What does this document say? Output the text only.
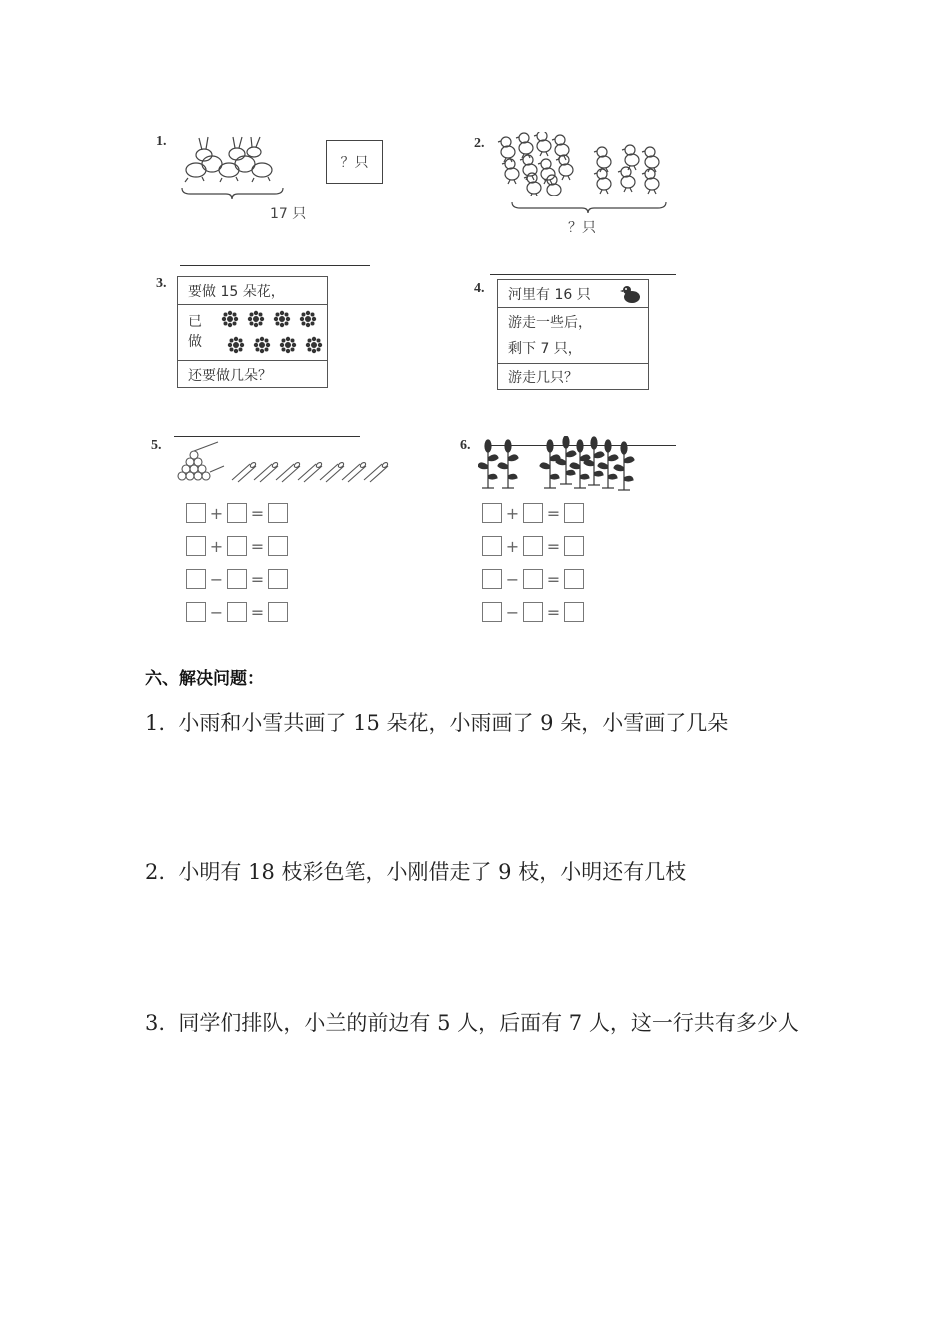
1.
17 只
？只
2.
？只
3.	要做 15 朵花，
已做
还要做几朵？
4. 河里有 16 只
游走一些后，
剩下 7 只，
游走几只？
5.
+ =
+ =
− =
− =
6.
+ =
+ =
− =
− =
六、解决问题：
1. 小雨和小雪共画了 15 朵花，小雨画了 9 朵，小雪画了几朵
2. 小明有 18 枝彩色笔，小刚借走了 9 枝，小明还有几枝
3. 同学们排队，小兰的前边有 5 人，后面有 7 人，这一行共有多少人
